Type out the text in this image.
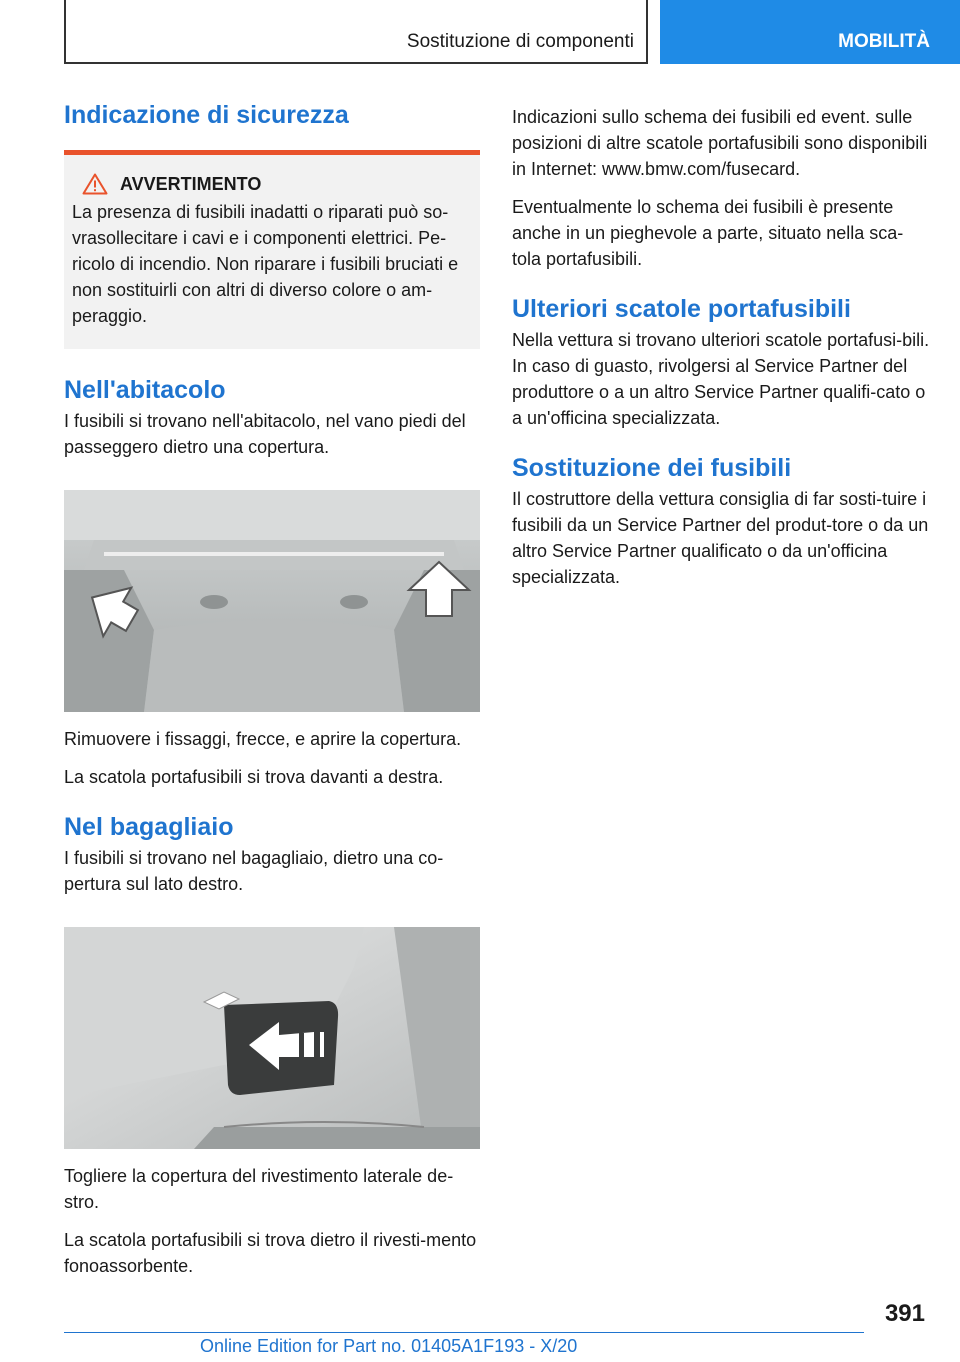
Sostituzione di componenti	MOBILITÀ
Indicazione di sicurezza
AVVERTIMENTO

La presenza di fusibili inadatti o riparati può so-vrasollecitare i cavi e i componenti elettrici. Pe-ricolo di incendio. Non riparare i fusibili bruciati e non sostituirli con altri di diverso colore o am-peraggio.

Nell'abitacolo

I fusibili si trovano nell'abitacolo, nel vano piedi del passeggero dietro una copertura.

Rimuovere i fissaggi, frecce, e aprire la copertura.

La scatola portafusibili si trova davanti a destra.

Nel bagagliaio

I fusibili si trovano nel bagagliaio, dietro una co-pertura sul lato destro.

Togliere la copertura del rivestimento laterale de-stro.

La scatola portafusibili si trova dietro il rivesti-mento fonoassorbente.

Indicazioni sullo schema dei fusibili ed event. sulle posizioni di altre scatole portafusibili sono disponibili in Internet: www.bmw.com/fusecard.

Eventualmente lo schema dei fusibili è presente anche in un pieghevole a parte, situato nella sca-tola portafusibili.

Ulteriori scatole portafusibili

Nella vettura si trovano ulteriori scatole portafusi-bili. In caso di guasto, rivolgersi al Service Partner del produttore o a un altro Service Partner qualifi-cato o a un'officina specializzata.

Sostituzione dei fusibili

Il costruttore della vettura consiglia di far sosti-tuire i fusibili da un Service Partner del produt-tore o da un altro Service Partner qualificato o da un'officina specializzata.

391
Online Edition for Part no. 01405A1F193 - X/20
